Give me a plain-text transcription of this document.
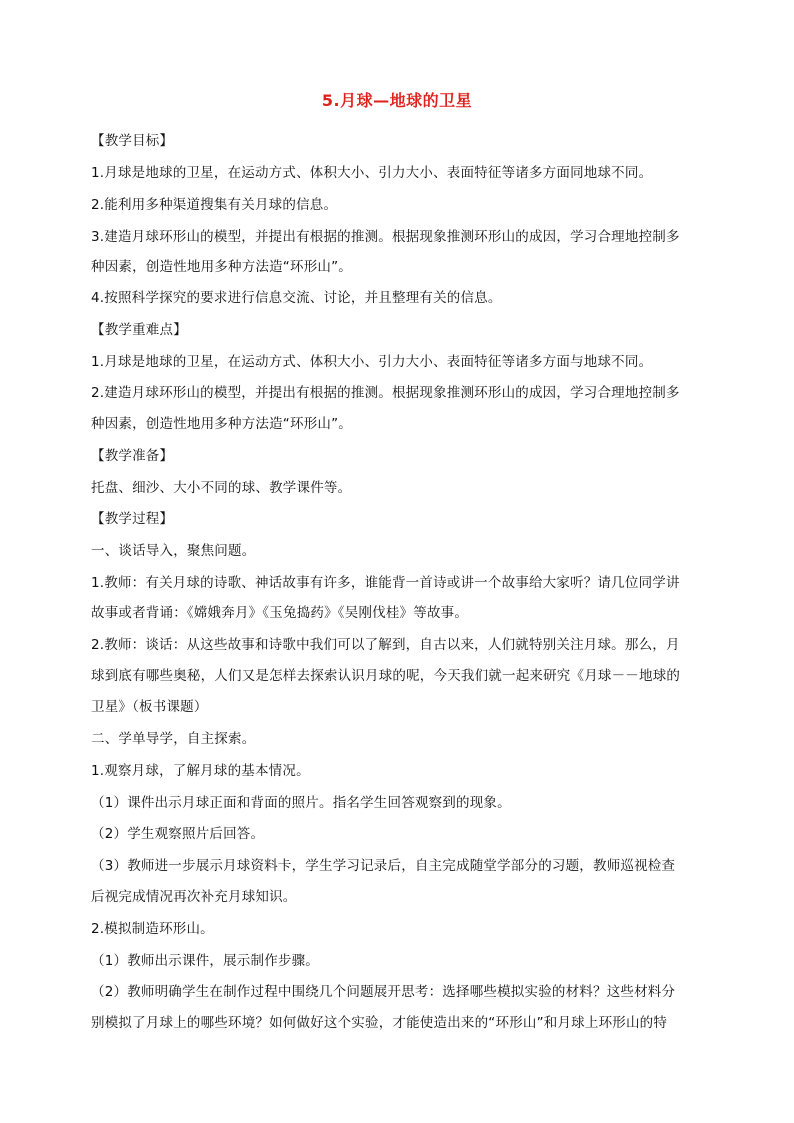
5.月球—地球的卫星
【教学目标】
1.月球是地球的卫星，在运动方式、体积大小、引力大小、表面特征等诸多方面同地球不同。
2.能利用多种渠道搜集有关月球的信息。
3.建造月球环形山的模型，并提出有根据的推测。根据现象推测环形山的成因，学习合理地控制多
种因素，创造性地用多种方法造“环形山”。
4.按照科学探究的要求进行信息交流、讨论，并且整理有关的信息。
【教学重难点】
1.月球是地球的卫星，在运动方式、体积大小、引力大小、表面特征等诸多方面与地球不同。
2.建造月球环形山的模型，并提出有根据的推测。根据现象推测环形山的成因，学习合理地控制多
种因素，创造性地用多种方法造“环形山”。
【教学准备】
托盘、细沙、大小不同的球、教学课件等。
【教学过程】
一、谈话导入，聚焦问题。
1.教师：有关月球的诗歌、神话故事有许多，谁能背一首诗或讲一个故事给大家听？请几位同学讲
故事或者背诵：《嫦娥奔月》《玉兔捣药》《吴刚伐桂》等故事。
2.教师：谈话：从这些故事和诗歌中我们可以了解到，自古以来，人们就特别关注月球。那么，月
球到底有哪些奥秘，人们又是怎样去探索认识月球的呢，今天我们就一起来研究《月球－－地球的
卫星》（板书课题）
二、学单导学，自主探索。
1.观察月球，了解月球的基本情况。
（1）课件出示月球正面和背面的照片。指名学生回答观察到的现象。
（2）学生观察照片后回答。
（3）教师进一步展示月球资料卡，学生学习记录后，自主完成随堂学部分的习题，教师巡视检查
后视完成情况再次补充月球知识。
2.模拟制造环形山。
（1）教师出示课件，展示制作步骤。
（2）教师明确学生在制作过程中围绕几个问题展开思考：选择哪些模拟实验的材料？这些材料分
别模拟了月球上的哪些环境？如何做好这个实验，才能使造出来的“环形山”和月球上环形山的特
